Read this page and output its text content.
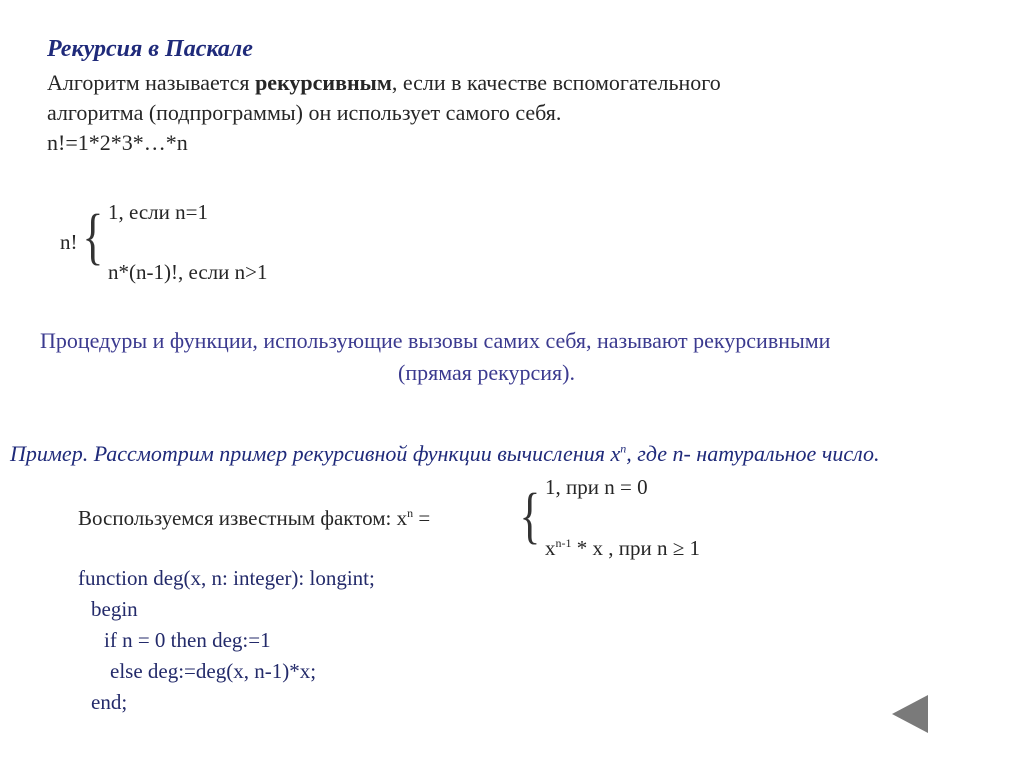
Рекурсия в Паскале
Алгоритм называется рекурсивным, если в качестве вспомогательного
алгоритма (подпрограммы) он использует самого себя.
n!=1*2*3*…*n
n! { 1, если n=1
n*(n-1)!, если n>1
Процедуры и функции, использующие вызовы самих себя, называют рекурсивными
(прямая рекурсия).
Пример. Рассмотрим пример рекурсивной функции вычисления $x^n$, где n- натуральное число.
Воспользуемся известным фактом: $x^n$ = { 1, при n = 0
$x^{n-1}$ * x , при n ≥ 1
function deg(x, n: integer): longint;
begin
if n = 0 then deg:=1
else deg:=deg(x, n-1)*x;
end;
